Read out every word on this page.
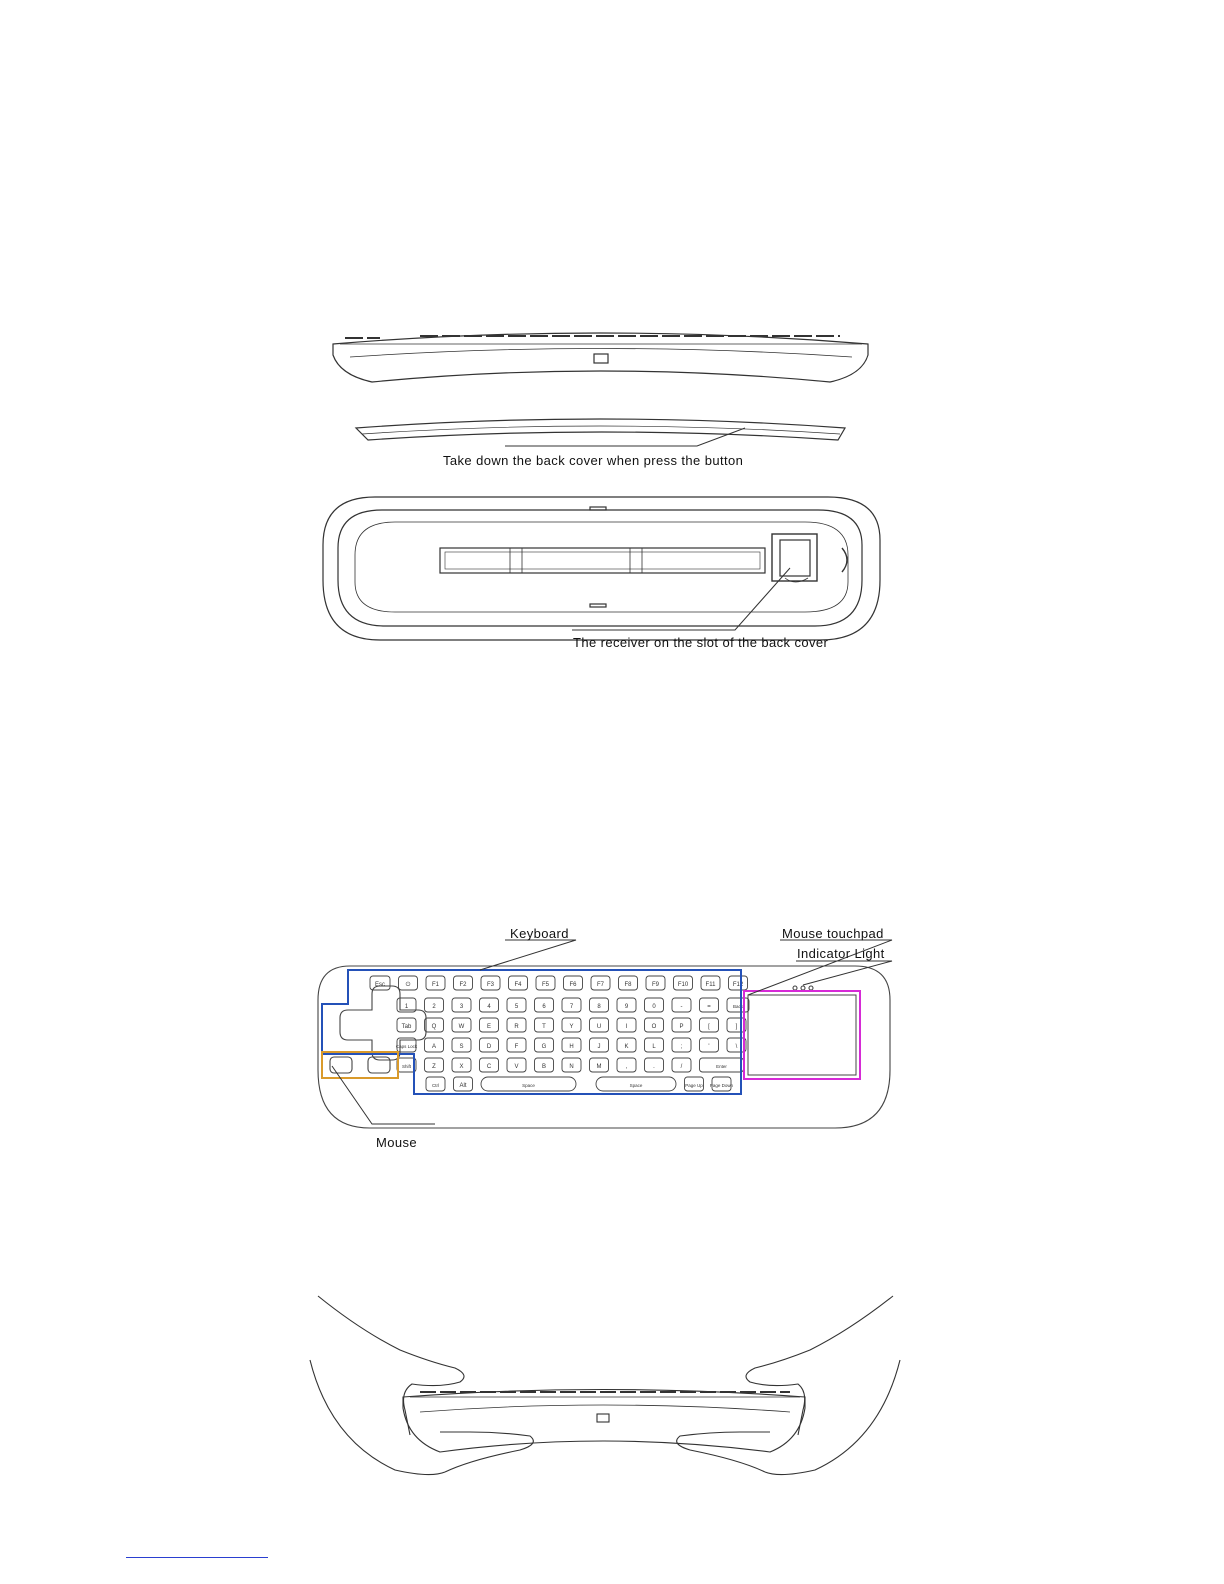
Take down the back cover when press the button
The receiver on the slot of the back cover
Esc	⏻	F1	F2	F3	F4	F5	F6	F7	F8	F9	F10	F11	F12
1	2	3	4	5	6	7	8	9	0	-	=	Back
Tab	Q	W	E	R	T	Y	U	I	O	P	[	]
Caps Lock A	S	D	F	G	H	J	K	L	;	'	\
Shift	Z	X	C	V	B	N	M	,	.	/	Enter
Ctrl	Alt	Space	Space	Page Up Page Down
Keyboard	Mouse touchpad
Indicator Light
Mouse
